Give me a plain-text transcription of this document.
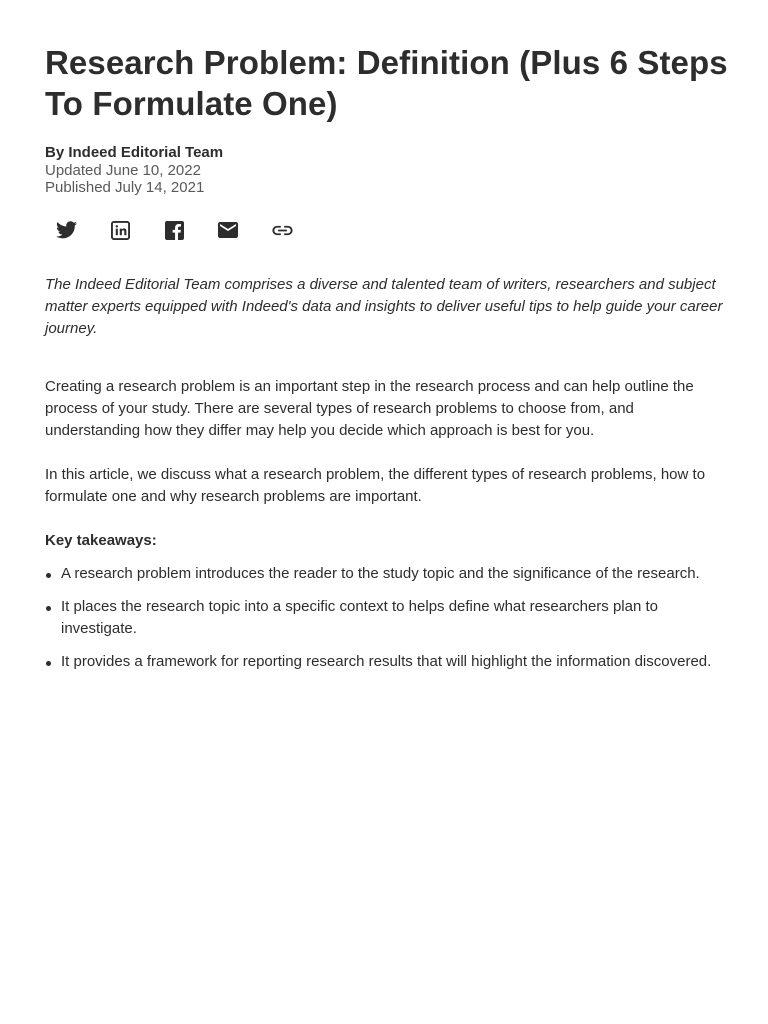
Research Problem: Definition (Plus 6 Steps To Formulate One)
By Indeed Editorial Team
Updated June 10, 2022
Published July 14, 2021

The Indeed Editorial Team comprises a diverse and talented team of writers, researchers and subject matter experts equipped with Indeed's data and insights to deliver useful tips to help guide your career journey.

Creating a research problem is an important step in the research process and can help outline the process of your study. There are several types of research problems to choose from, and understanding how they differ may help you decide which approach is best for you.

In this article, we discuss what a research problem, the different types of research problems, how to formulate one and why research problems are important.

Key takeaways:
A research problem introduces the reader to the study topic and the significance of the research.
It places the research topic into a specific context to helps define what researchers plan to investigate.
It provides a framework for reporting research results that will highlight the information discovered.
